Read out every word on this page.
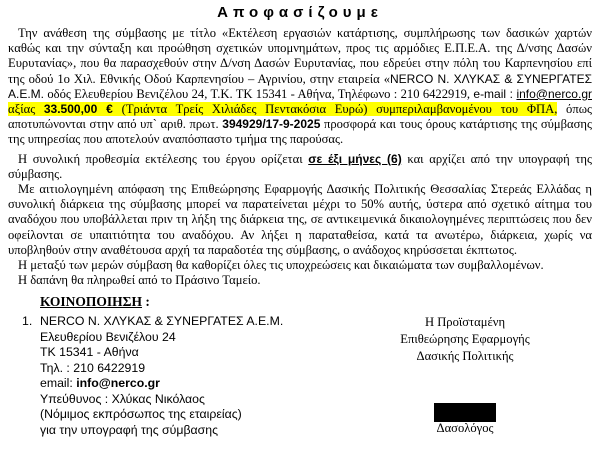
Αποφασίζουμε

Την ανάθεση της σύμβασης με τίτλο «Εκτέλεση εργασιών κατάρτισης, συμπλήρωσης των δασικών χαρτών καθώς και την σύνταξη και προώθηση σχετικών υπομνημάτων, προς τις αρμόδιες Ε.Π.Ε.Α. της Δ/νσης Δασών Ευρυτανίας», που θα παρασχεθούν στην Δ/νση Δασών Ευρυτανίας, που εδρεύει στην πόλη του Καρπενησίου επί της οδού 1ο Χιλ. Εθνικής Οδού Καρπενησίου – Αγρινίου, στην εταιρεία «NERCO Ν. ΧΛΥΚΑΣ & ΣΥΝΕΡΓΑΤΕΣ Α.Ε.Μ. οδός Ελευθερίου Βενιζέλου 24, Τ.Κ. ΤΚ 15341 - Αθήνα, Τηλέφωνο : 210 6422919, e-mail : info@nerco.gr αξίας 33.500,00 € (Τριάντα Τρείς Χιλιάδες Πεντακόσια Ευρώ) συμπεριλαμβανομένου του ΦΠΑ, όπως αποτυπώνονται στην από υπ` αριθ. πρωτ. 394929/17-9-2025 προσφορά και τους όρους κατάρτισης της σύμβασης της υπηρεσίας που αποτελούν αναπόσπαστο τμήμα της παρούσας.

Η συνολική προθεσμία εκτέλεσης του έργου ορίζεται σε έξι μήνες (6) και αρχίζει από την υπογραφή της σύμβασης.

Με αιτιολογημένη απόφαση της Επιθεώρησης Εφαρμογής Δασικής Πολιτικής Θεσσαλίας Στερεάς Ελλάδας η συνολική διάρκεια της σύμβασης μπορεί να παρατείνεται μέχρι το 50% αυτής, ύστερα από σχετικό αίτημα του αναδόχου που υποβάλλεται πριν τη λήξη της διάρκεια της, σε αντικειμενικά δικαιολογημένες περιπτώσεις που δεν οφείλονται σε υπαιτιότητα του αναδόχου. Αν λήξει η παραταθείσα, κατά τα ανωτέρω, διάρκεια, χωρίς να υποβληθούν στην αναθέτουσα αρχή τα παραδοτέα της σύμβασης, ο ανάδοχος κηρύσσεται έκπτωτος.

Η μεταξύ των μερών σύμβαση θα καθορίζει όλες τις υποχρεώσεις και δικαιώματα των συμβαλλομένων.

Η δαπάνη θα πληρωθεί από το Πράσινο Ταμείο.

ΚΟΙΝΟΠΟΙΗΣΗ :
1. NERCO Ν. ΧΛΥΚΑΣ & ΣΥΝΕΡΓΑΤΕΣ Α.Ε.Μ.
Ελευθερίου Βενιζέλου 24
ΤΚ 15341 - Αθήνα
Τηλ. : 210 6422919
email: info@nerco.gr
Υπεύθυνος : Χλύκας Νικόλαος
(Νόμιμος εκπρόσωπος της εταιρείας)
για την υπογραφή της σύμβασης
Η Προϊσταμένη
Επιθεώρησης Εφαρμογής
Δασικής Πολιτικής
Δασολόγος
